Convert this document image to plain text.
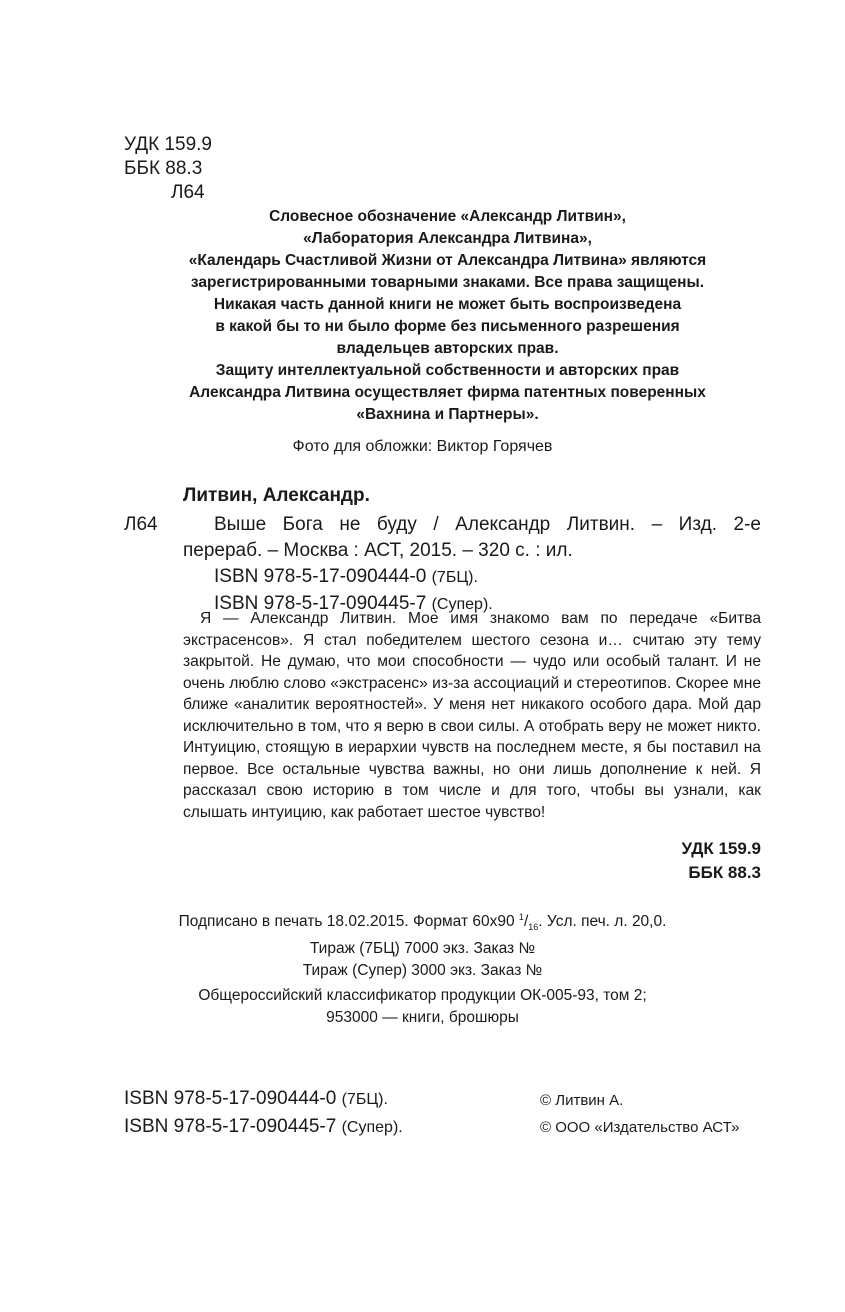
УДК 159.9
ББК 88.3
Л64
Словесное обозначение «Александр Литвин»,
«Лаборатория Александра Литвина»,
«Календарь Счастливой Жизни от Александра Литвина» являются
зарегистрированными товарными знаками. Все права защищены.
Никакая часть данной книги не может быть воспроизведена
в какой бы то ни было форме без письменного разрешения
владельцев авторских прав.
Защиту интеллектуальной собственности и авторских прав
Александра Литвина осуществляет фирма патентных поверенных
«Вахнина и Партнеры».
Фото для обложки: Виктор Горячев
Литвин, Александр.
Л64	Выше Бога не буду / Александр Литвин. – Изд. 2-е
перераб. – Москва : АСТ, 2015. – 320 с. : ил.
ISBN 978-5-17-090444-0 (7БЦ).
ISBN 978-5-17-090445-7 (Супер).
Я — Александр Литвин. Мое имя знакомо вам по передаче «Битва экстрасенсов». Я стал победителем шестого сезона и… считаю эту тему закрытой. Не думаю, что мои способности — чудо или особый талант. И не очень люблю слово «экстрасенс» из-за ассоциаций и стереотипов. Скорее мне ближе «аналитик вероятностей». У меня нет никакого особого дара. Мой дар исключительно в том, что я верю в свои силы. А отобрать веру не может никто. Интуицию, стоящую в иерархии чувств на последнем месте, я бы поставил на первое. Все остальные чувства важны, но они лишь дополнение к ней. Я рассказал свою историю в том числе и для того, чтобы вы узнали, как слышать интуицию, как работает шестое чувство!
УДК 159.9
ББК 88.3
Подписано в печать 18.02.2015. Формат 60x90 $^1/_{16}$. Усл. печ. л. 20,0.
Тираж (7БЦ) 7000 экз. Заказ №
Тираж (Супер) 3000 экз. Заказ №
Общероссийский классификатор продукции ОК-005-93, том 2;
953000 — книги, брошюры
ISBN 978-5-17-090444-0 (7БЦ).
ISBN 978-5-17-090445-7 (Супер).
© Литвин А.
© ООО «Издательство АСТ»
